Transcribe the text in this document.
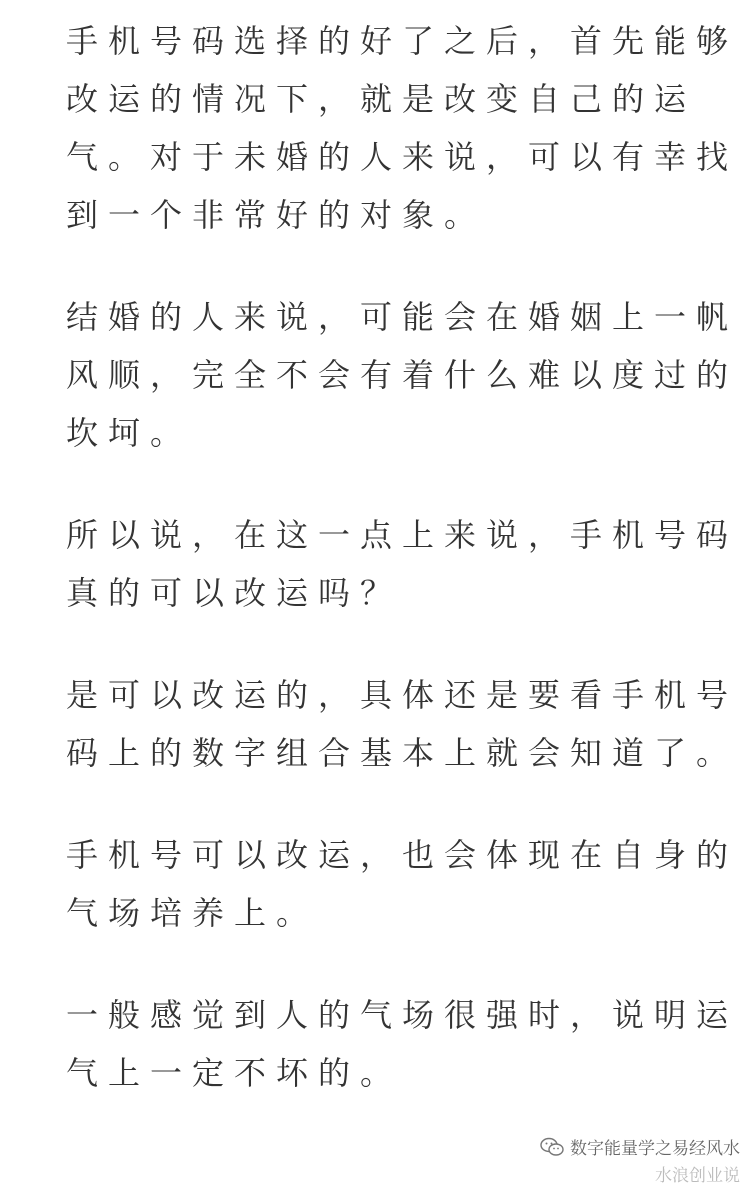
手机号码选择的好了之后，首先能够
改运的情况下，就是改变自己的运
气。对于未婚的人来说，可以有幸找
到一个非常好的对象。

结婚的人来说，可能会在婚姻上一帆
风顺，完全不会有着什么难以度过的
坎坷。

所以说，在这一点上来说，手机号码
真的可以改运吗？

是可以改运的，具体还是要看手机号
码上的数字组合基本上就会知道了。

手机号可以改运，也会体现在自身的
气场培养上。

一般感觉到人的气场很强时，说明运
气上一定不坏的。

数字能量学之易经风水
水浪创业说
